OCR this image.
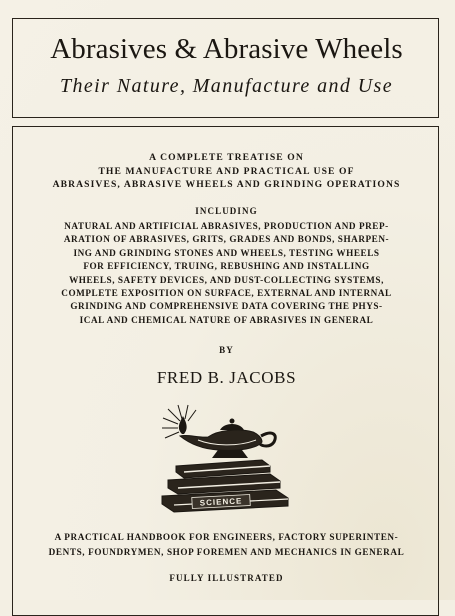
Abrasives & Abrasive Wheels
Their Nature, Manufacture and Use
A COMPLETE TREATISE ON
THE MANUFACTURE AND PRACTICAL USE OF
ABRASIVES, ABRASIVE WHEELS AND GRINDING OPERATIONS
INCLUDING
NATURAL AND ARTIFICIAL ABRASIVES, PRODUCTION AND PREP-
ARATION OF ABRASIVES, GRITS, GRADES AND BONDS, SHARPEN-
ING AND GRINDING STONES AND WHEELS, TESTING WHEELS
FOR EFFICIENCY, TRUING, REBUSHING AND INSTALLING
WHEELS, SAFETY DEVICES, AND DUST-COLLECTING SYSTEMS,
COMPLETE EXPOSITION ON SURFACE, EXTERNAL AND INTERNAL
GRINDING AND COMPREHENSIVE DATA COVERING THE PHYS-
ICAL AND CHEMICAL NATURE OF ABRASIVES IN GENERAL
BY
FRED B. JACOBS
SCIENCE
A PRACTICAL HANDBOOK FOR ENGINEERS, FACTORY SUPERINTEN-
DENTS, FOUNDRYMEN, SHOP FOREMEN AND MECHANICS IN GENERAL
FULLY ILLUSTRATED
